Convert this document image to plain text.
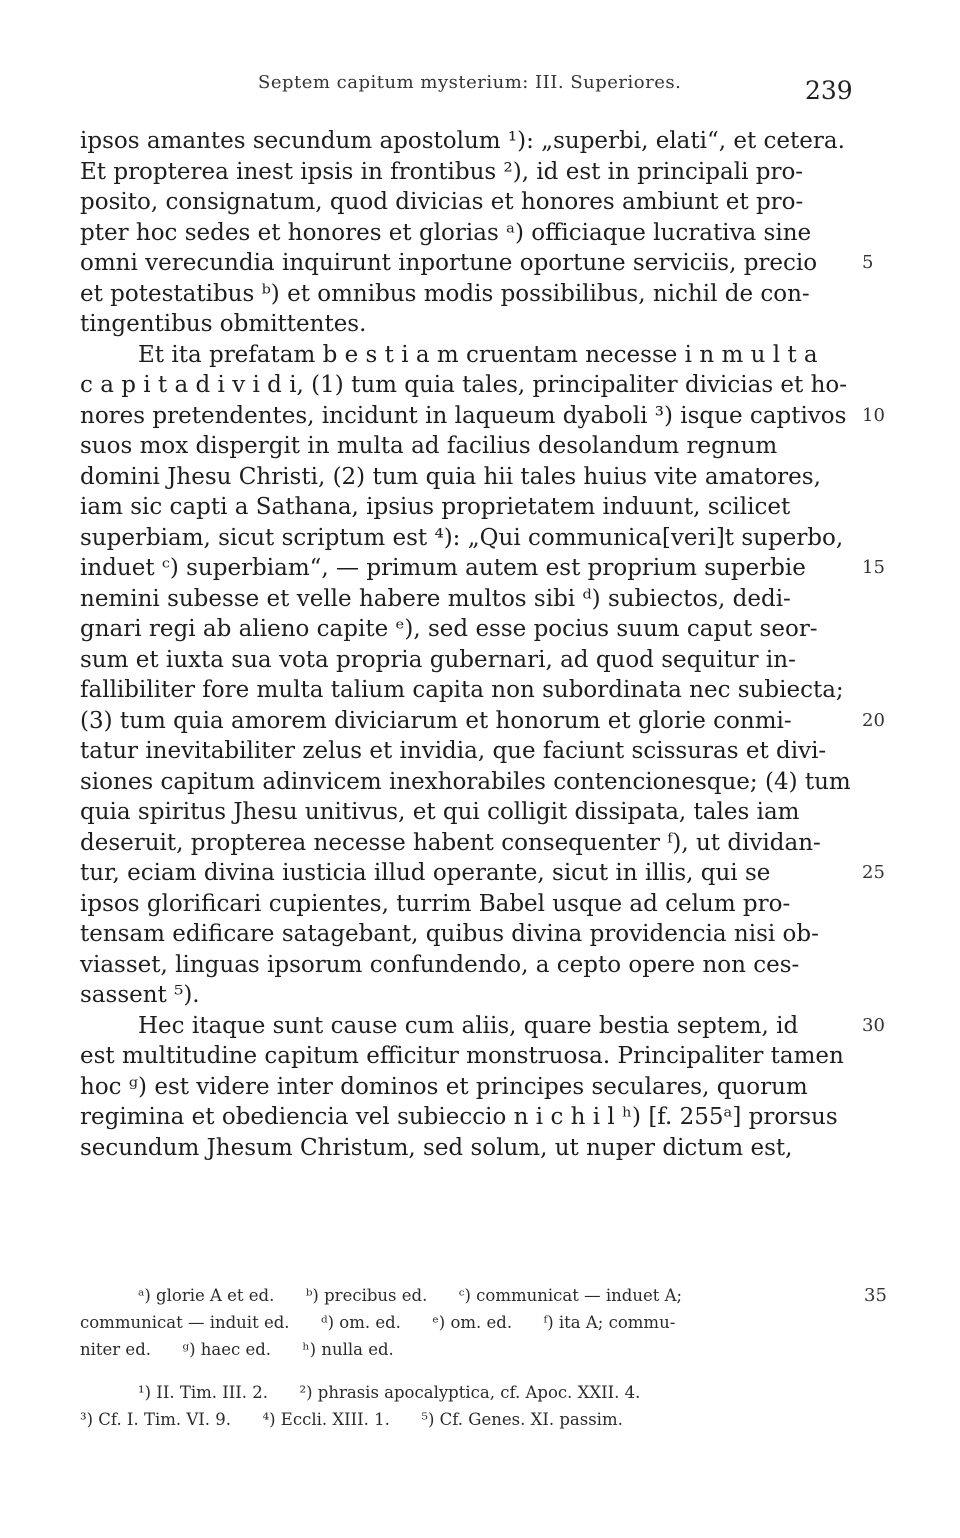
Septem capitum mysterium: III. Superiores.	239
ipsos amantes secundum apostolum ¹): „superbi, elati“, et cetera.
Et propterea inest ipsis in frontibus ²), id est in principali pro-
posito, consignatum, quod divicias et honores ambiunt et pro-
pter hoc sedes et honores et glorias ᵃ) officiaque lucrativa sine
omni verecundia inquirunt inportune oportune serviciis, precio 5
et potestatibus ᵇ) et omnibus modis possibilibus, nichil de con-
tingentibus obmittentes.
Et ita prefatam b e s t i a m cruentam necesse i n m u l t a
c a p i t a d i v i d i, (1) tum quia tales, principaliter divicias et ho-
nores pretendentes, incidunt in laqueum dyaboli ³) isque captivos 10
suos mox dispergit in multa ad facilius desolandum regnum
domini Jhesu Christi, (2) tum quia hii tales huius vite amatores,
iam sic capti a Sathana, ipsius proprietatem induunt, scilicet
superbiam, sicut scriptum est ⁴): „Qui communica[veri]t superbo,
induet ᶜ) superbiam“, — primum autem est proprium superbie	15
nemini subesse et velle habere multos sibi ᵈ) subiectos, dedi-
gnari regi ab alieno capite ᵉ), sed esse pocius suum caput seor-
sum et iuxta sua vota propria gubernari, ad quod sequitur in-
fallibiliter fore multa talium capita non subordinata nec subiecta;
(3) tum quia amorem diviciarum et honorum et glorie conmi-	20
tatur inevitabiliter zelus et invidia, que faciunt scissuras et divi-
siones capitum adinvicem inexhorabiles contencionesque; (4) tum
quia spiritus Jhesu unitivus, et qui colligit dissipata, tales iam
deseruit, propterea necesse habent consequenter ᶠ), ut dividan-
tur, eciam divina iusticia illud operante, sicut in illis, qui se	25
ipsos glorificari cupientes, turrim Babel usque ad celum pro-
tensam edificare satagebant, quibus divina providencia nisi ob-
viasset, linguas ipsorum confundendo, a cepto opere non ces-
sassent ⁵).
Hec itaque sunt cause cum aliis, quare bestia septem, id	30
est multitudine capitum efficitur monstruosa. Principaliter tamen
hoc ᵍ) est videre inter dominos et principes seculares, quorum
regimina et obediencia vel subieccio n i c h i l ʰ) [f. 255ᵃ] prorsus
secundum Jhesum Christum, sed solum, ut nuper dictum est,
ᵃ) glorie A et ed.      ᵇ) precibus ed.      ᶜ) communicat — induet A;	35
communicat — induit ed.      ᵈ) om. ed.      ᵉ) om. ed.      ᶠ) ita A; commu-
niter ed.      ᵍ) haec ed.      ʰ) nulla ed.
¹) II. Tim. III. 2.      ²) phrasis apocalyptica, cf. Apoc. XXII. 4.
³) Cf. I. Tim. VI. 9.      ⁴) Eccli. XIII. 1.      ⁵) Cf. Genes. XI. passim.
